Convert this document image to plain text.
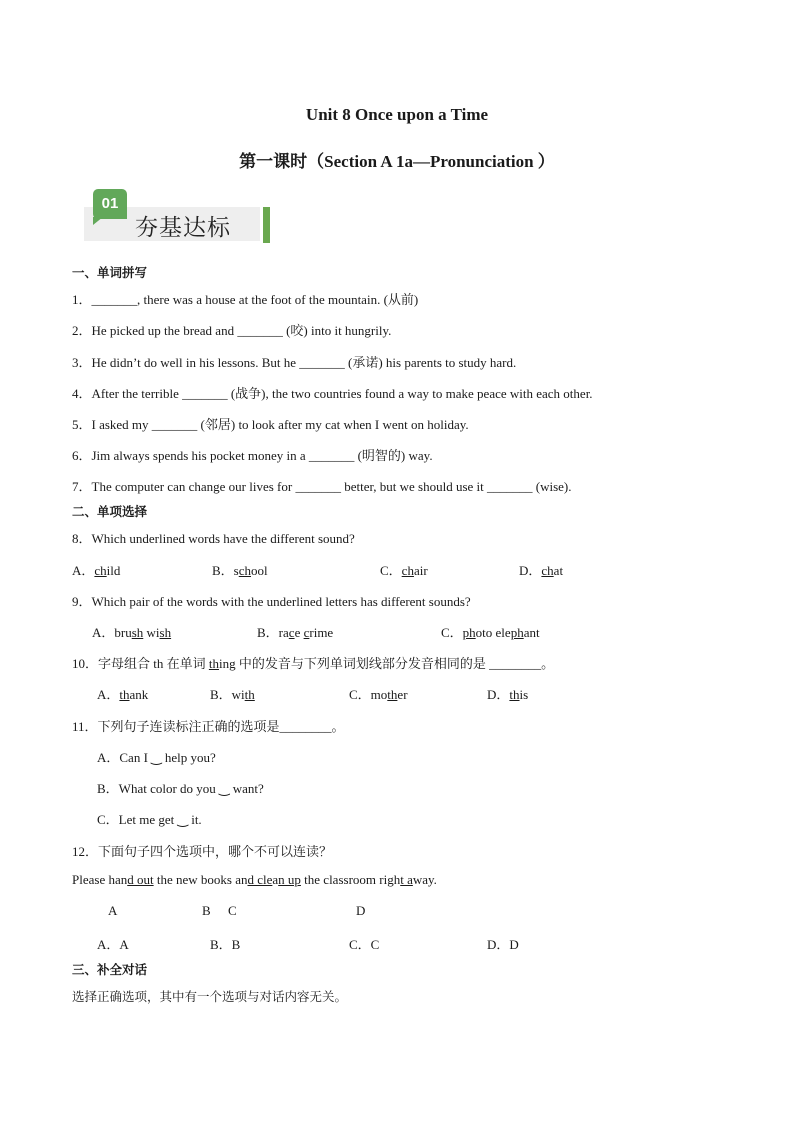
Unit 8 Once upon a Time
第一课时（Section A 1a—Pronunciation ）
01
夯基达标
一、单词拼写
1．_______, there was a house at the foot of the mountain. (从前)
2．He picked up the bread and _______ (咬) into it hungrily.
3．He didn’t do well in his lessons. But he _______ (承诺) his parents to study hard.
4．After the terrible _______ (战争), the two countries found a way to make peace with each other.
5．I asked my _______ (邻居) to look after my cat when I went on holiday.
6．Jim always spends his pocket money in a _______ (明智的) way.
7．The computer can change our lives for _______ better, but we should use it _______ (wise).
二、单项选择
8．Which underlined words have the different sound?
A．child	B．school	C．chair	D．chat
9．Which pair of the words with the underlined letters has different sounds?
A．brush wish	B．race crime	C．photo elephant
10．字母组合 th 在单词 thing 中的发音与下列单词划线部分发音相同的是 ________。
A．thank	B．with	C．mother	D．this
11．下列句子连读标注正确的选项是________。
A．Can I ‿ help you?
B．What color do you ‿ want?
C．Let me get ‿ it.
12．下面句子四个选项中，哪个不可以连读？
Please hand out the new books and clean up the classroom right away.
A	B C	D
A．A	B．B	C．C	D．D
三、补全对话
选择正确选项，其中有一个选项与对话内容无关。
